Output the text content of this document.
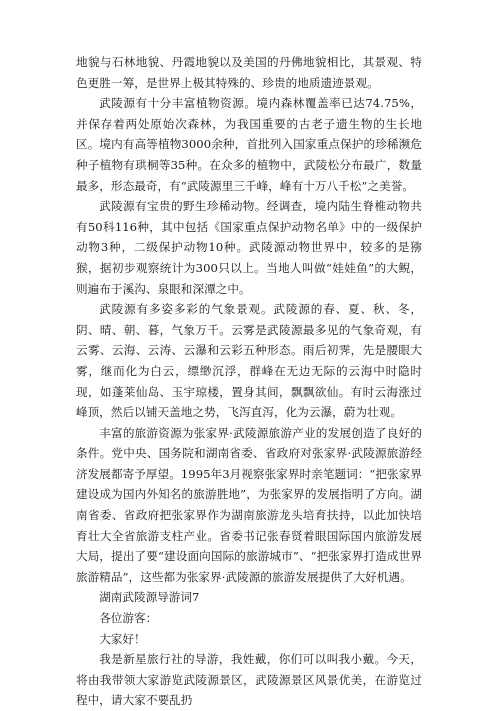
地貌与石林地貌、丹霞地貌以及美国的丹佛地貌相比，其景观、特色更胜一筹，是世界上极其特殊的、珍贵的地质遗迹景观。

武陵源有十分丰富植物资源。境内森林覆盖率已达74.75%，并保存着两处原始次森林，为我国重要的古老子遗生物的生长地区。境内有高等植物3000余种，首批列入国家重点保护的珍稀濒危种子植物有珙桐等35种。在众多的植物中，武陵松分布最广，数量最多，形态最奇，有“武陵源里三千峰，峰有十万八千松”之美誉。

武陵源有宝贵的野生珍稀动物。经调查，境内陆生脊椎动物共有50科116种，其中包括《国家重点保护动物名单》中的一级保护动物3种，二级保护动物10种。武陵源动物世界中，较多的是猕猴，据初步观察统计为300只以上。当地人叫做“娃娃鱼”的大鲵，则遍布于溪沟、泉眼和深潭之中。

武陵源有多姿多彩的气象景观。武陵源的春、夏、秋、冬，阴、晴、朝、暮，气象万千。云雾是武陵源最多见的气象奇观，有云雾、云海、云涛、云瀑和云彩五种形态。雨后初霁，先是腰眼大雾，继而化为白云，缥缈沉浮，群峰在无边无际的云海中时隐时现，如蓬莱仙岛、玉宇琼楼，置身其间，飘飘欲仙。有时云海涨过峰顶，然后以铺天盖地之势，飞泻直泻，化为云瀑，蔚为壮观。

丰富的旅游资源为张家界·武陵源旅游产业的发展创造了良好的条件。党中央、国务院和湖南省委、省政府对张家界·武陵源旅游经济发展都寄予厚望。1995年3月视察张家界时亲笔题词：“把张家界建设成为国内外知名的旅游胜地”，为张家界的发展指明了方向。湖南省委、省政府把张家界作为湖南旅游龙头培育扶持，以此加快培育壮大全省旅游支柱产业。省委书记张春贤着眼国际国内旅游发展大局，提出了要“建设面向国际的旅游城市”、“把张家界打造成世界旅游精品”，这些都为张家界·武陵源的旅游发展提供了大好机遇。

湖南武陵源导游词7

各位游客：

大家好！

我是新星旅行社的导游，我姓戴，你们可以叫我小戴。今天，将由我带领大家游览武陵源景区，武陵源景区风景优美，在游览过程中，请大家不要乱扔
